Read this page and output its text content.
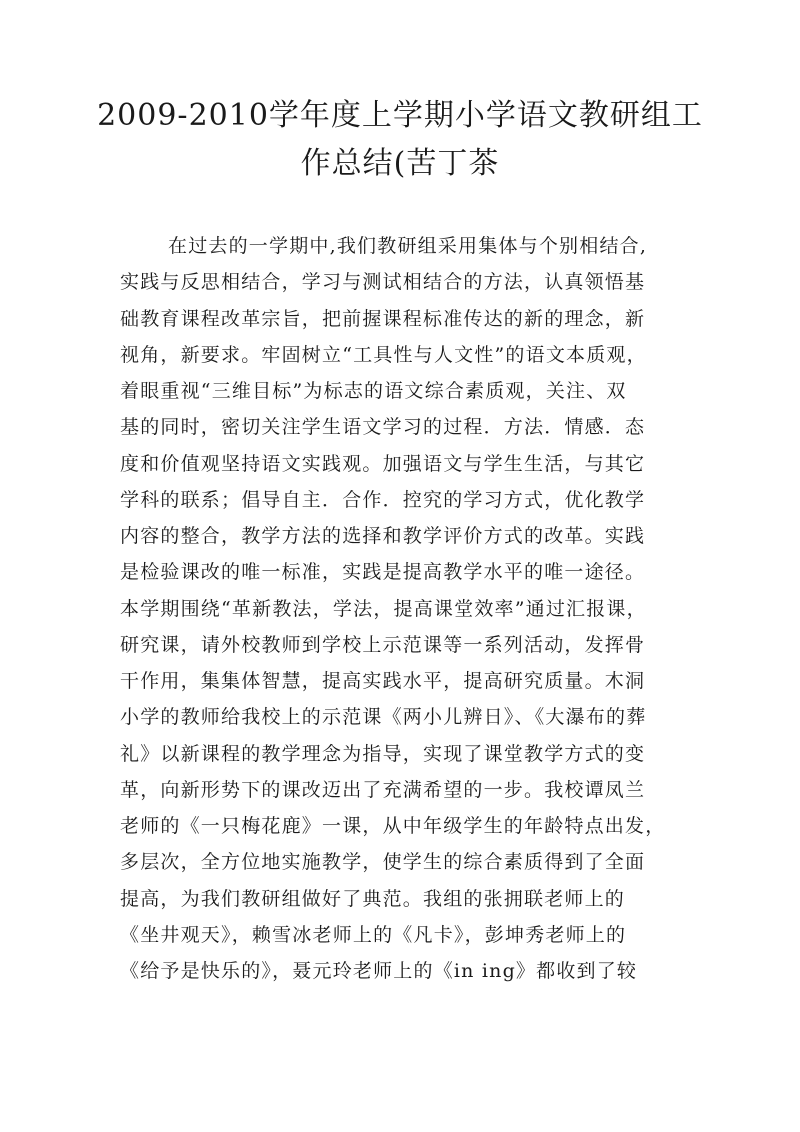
2009-2010学年度上学期小学语文教研组工
作总结(苦丁茶
在过去的一学期中,我们教研组采用集体与个别相结合,
实践与反思相结合，学习与测试相结合的方法，认真领悟基
础教育课程改革宗旨，把前握课程标准传达的新的理念，新
视角，新要求。牢固树立“工具性与人文性”的语文本质观，
着眼重视“三维目标”为标志的语文综合素质观，关注、双
基的同时，密切关注学生语文学习的过程．方法．情感．态
度和价值观坚持语文实践观。加强语文与学生生活，与其它
学科的联系；倡导自主．合作．控究的学习方式，优化教学
内容的整合，教学方法的选择和教学评价方式的改革。实践
是检验课改的唯一标准，实践是提高教学水平的唯一途径。
本学期围绕“革新教法，学法，提高课堂效率”通过汇报课，
研究课，请外校教师到学校上示范课等一系列活动，发挥骨
干作用，集集体智慧，提高实践水平，提高研究质量。木洞
小学的教师给我校上的示范课《两小儿辨日》、《大瀑布的葬
礼》以新课程的教学理念为指导，实现了课堂教学方式的变
革，向新形势下的课改迈出了充满希望的一步。我校谭凤兰
老师的《一只梅花鹿》一课，从中年级学生的年龄特点出发，
多层次，全方位地实施教学，使学生的综合素质得到了全面
提高，为我们教研组做好了典范。我组的张拥联老师上的
《坐井观天》，赖雪冰老师上的《凡卡》，彭坤秀老师上的
《给予是快乐的》，聂元玲老师上的《in ing》都收到了较
